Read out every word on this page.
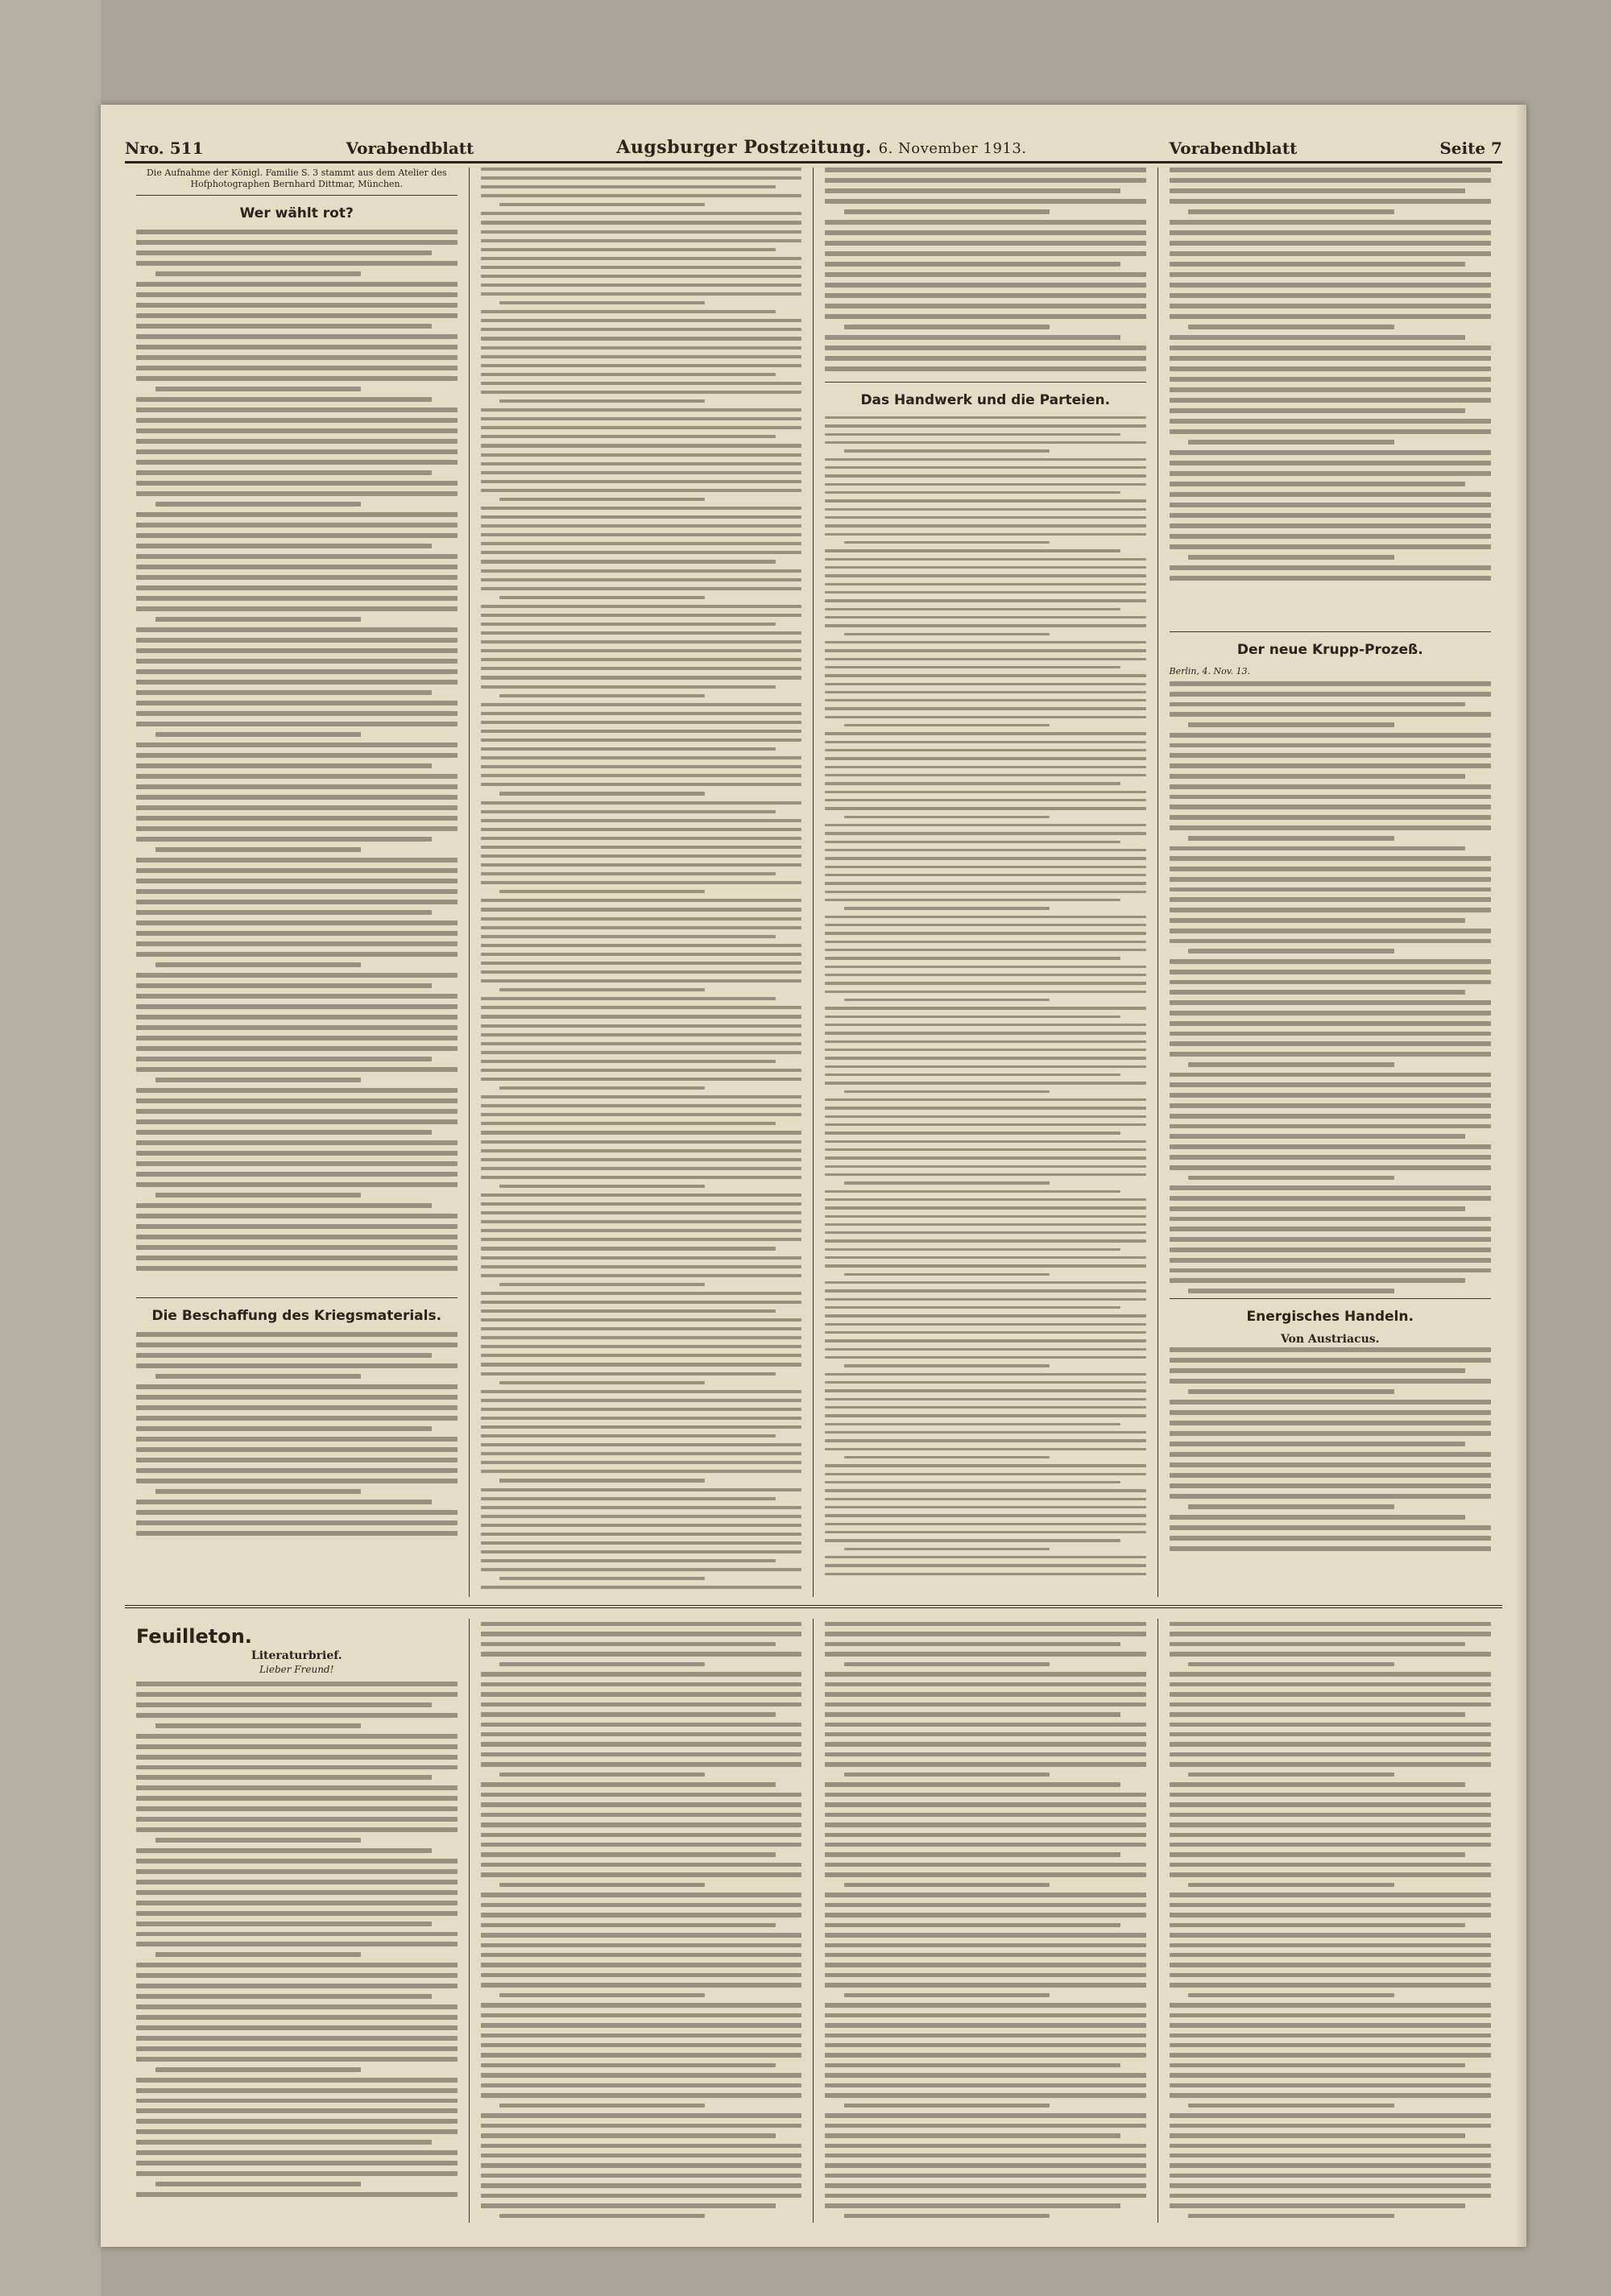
Nro. 511	Vorabendblatt	Augsburger Postzeitung. 6. November 1913.	Vorabendblatt	Seite 7
Die Aufnahme der Königl. Familie S. 3 stammt aus dem Atelier des Hofphotographen Bernhard Dittmar, München.
Wer wählt rot?
Die Beschaffung des Kriegsmaterials.
Das Handwerk und die Parteien.
Der neue Krupp-Prozeß.
Berlin, 4. Nov. 13.
Energisches Handeln.
Von Austriacus.
Feuilleton.
Literaturbrief.
Lieber Freund!
